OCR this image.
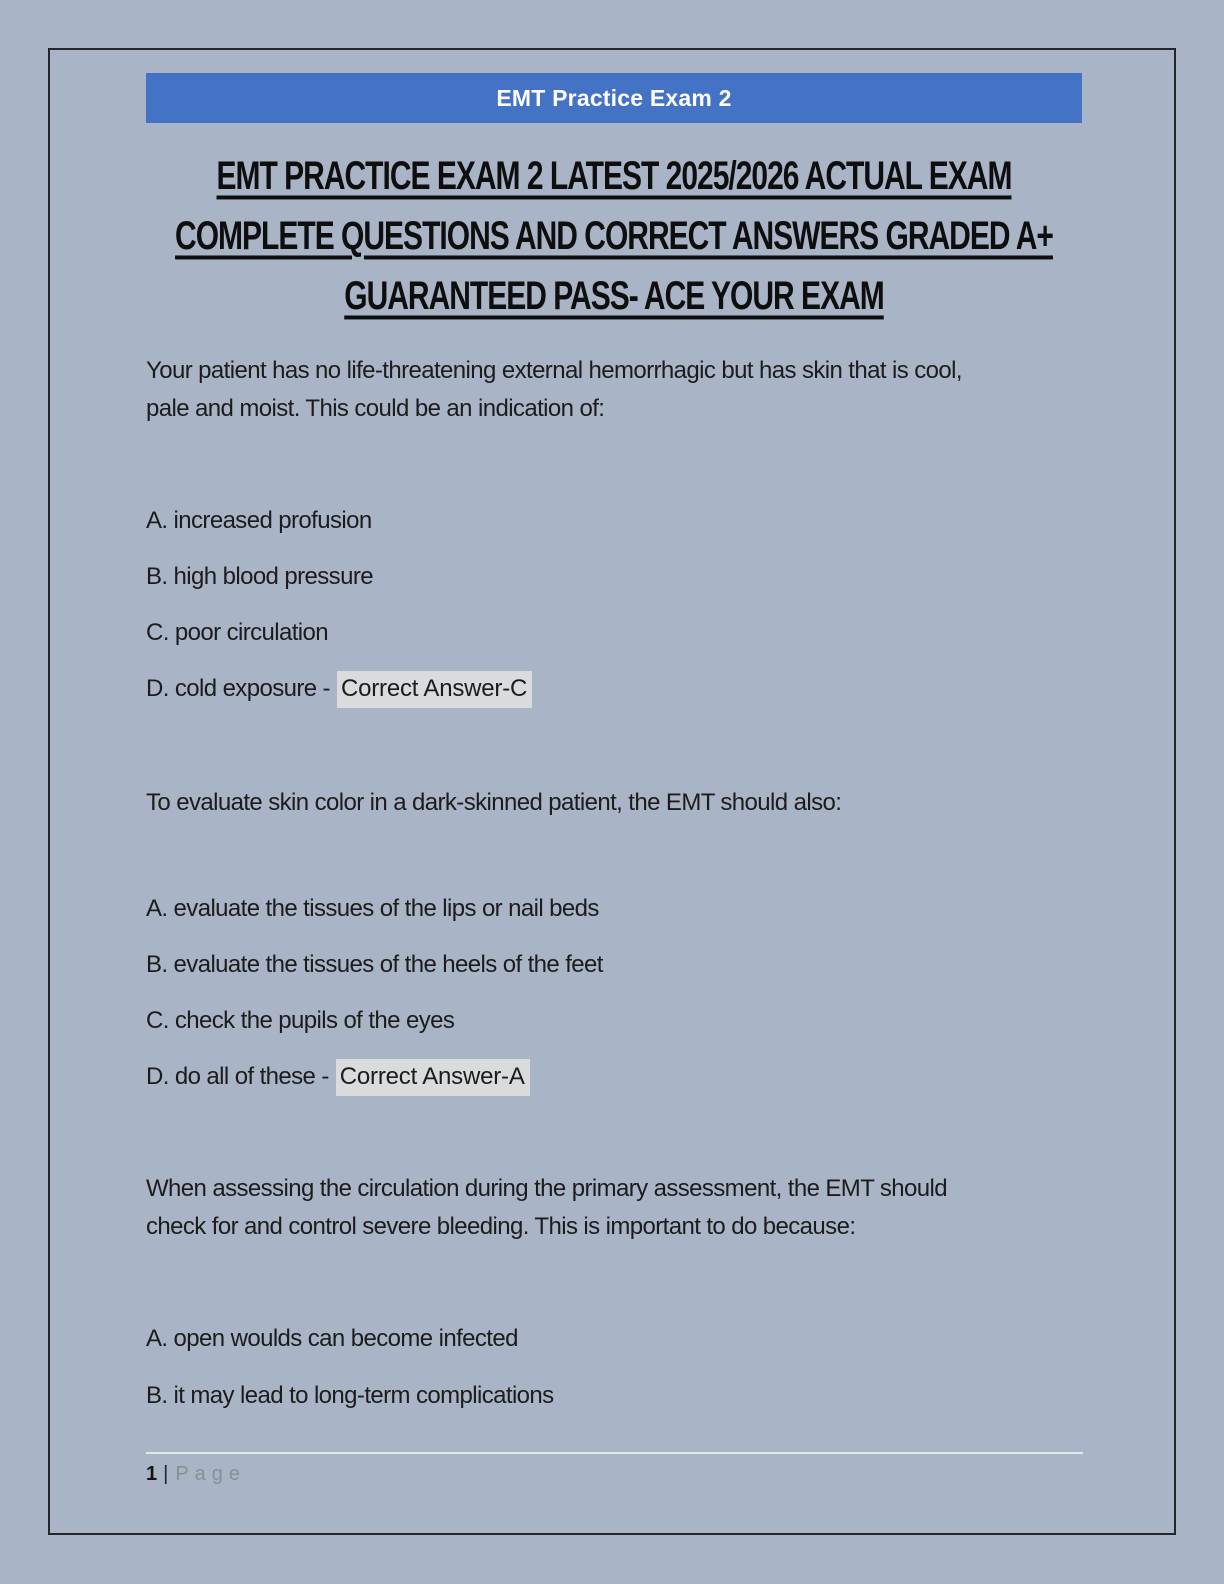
EMT Practice Exam 2
EMT PRACTICE EXAM 2 LATEST 2025/2026 ACTUAL EXAM
COMPLETE QUESTIONS AND CORRECT ANSWERS GRADED A+
GUARANTEED PASS- ACE YOUR EXAM
Your patient has no life-threatening external hemorrhagic but has skin that is cool,
pale and moist. This could be an indication of:
A. increased profusion
B. high blood pressure
C. poor circulation
D. cold exposure - Correct Answer-C
To evaluate skin color in a dark-skinned patient, the EMT should also:
A. evaluate the tissues of the lips or nail beds
B. evaluate the tissues of the heels of the feet
C. check the pupils of the eyes
D. do all of these - Correct Answer-A
When assessing the circulation during the primary assessment, the EMT should
check for and control severe bleeding. This is important to do because:
A. open woulds can become infected
B. it may lead to long-term complications
1 | Page
